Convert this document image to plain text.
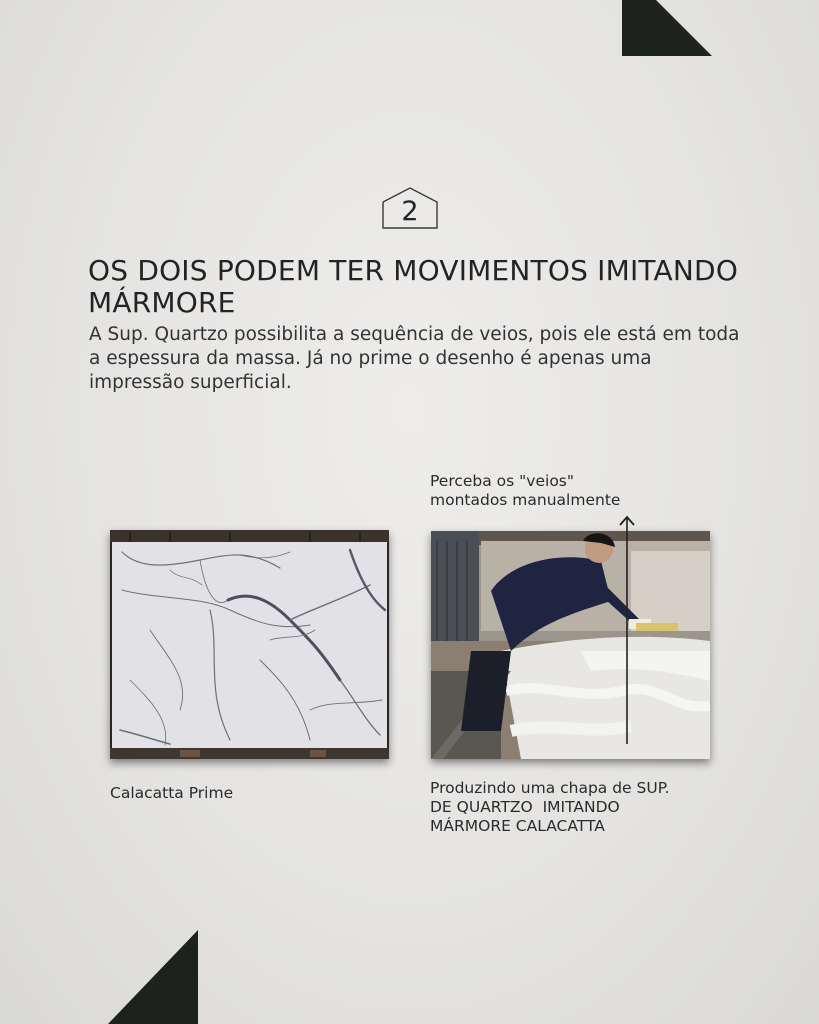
2
OS DOIS PODEM TER MOVIMENTOS IMITANDO MÁRMORE

A Sup. Quartzo possibilita a sequência de veios, pois ele está em toda a espessura da massa. Já no prime o desenho é apenas uma impressão superficial.

Perceba os "veios"
montados manualmente
Calacatta Prime	Produzindo uma chapa de SUP.
DE QUARTZO  IMITANDO
MÁRMORE CALACATTA
